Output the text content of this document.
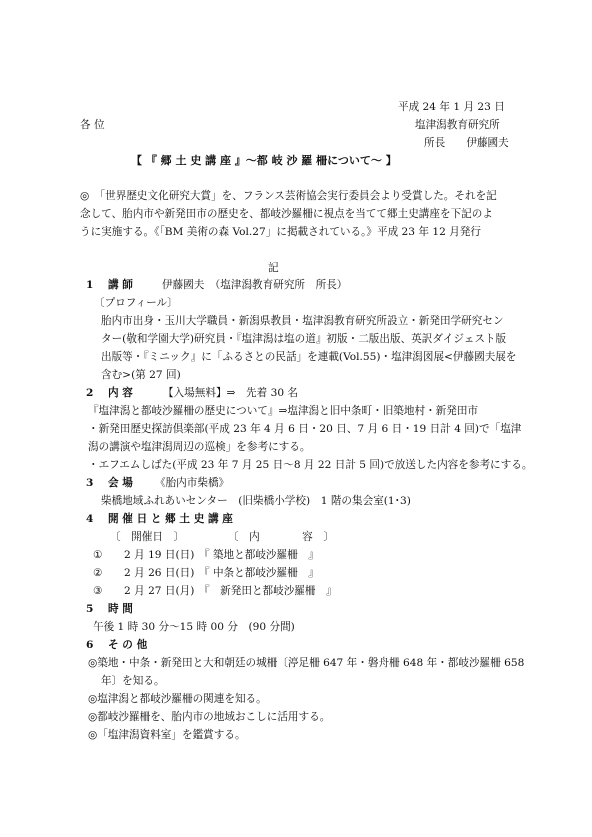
平成 24 年 1 月 23 日
各 位	塩津潟教育研究所
所長　　伊藤國夫
【 『 郷 土 史 講 座 』～都 岐 沙 羅 柵について～ 】
◎　「世界歴史文化研究大賞」を、フランス芸術協会実行委員会より受賞した。それを記
念して、胎内市や新発田市の歴史を、都岐沙羅柵に視点を当てて郷土史講座を下記のよ
うに実施する。《「BM 美術の森 Vol.27」に掲載されている。》平成 23 年 12 月発行
記
1 講 師	伊藤國夫　（塩津潟教育研究所　所長）
〔プロフィール〕
胎内市出身・玉川大学職員・新潟県教員・塩津潟教育研究所設立・新発田学研究セン
ター(敬和学園大学)研究員・『塩津潟は塩の道』初版・二版出版、英訳ダイジェスト版
出版等・『ミニック』に「ふるさとの民話」を連載(Vol.55)・塩津潟図展<伊藤國夫展を
含む>(第 27 回)
2 内 容	【入場無料】⇒　先着 30 名
『塩津潟と都岐沙羅柵の歴史について』⇒塩津潟と旧中条町・旧築地村・新発田市
・新発田歴史探訪倶楽部(平成 23 年 4 月 6 日・20 日、7 月 6 日・19 日計 4 回)で「塩津
潟の講演や塩津潟周辺の巡検」を参考にする。
・エフエムしばた(平成 23 年 7 月 25 日～8 月 22 日計 5 回)で放送した内容を参考にする。
3 会 場 《胎内市柴橋》
柴橋地域ふれあいセンター　(旧柴橋小学校)　1 階の集会室(1･3)
4 開 催 日 と 郷 土 史 講 座
〔　開催日　〕	〔　内　　　　容　〕
① 2 月 19 日(日) 『 築地と都岐沙羅柵　』
② 2 月 26 日(日) 『 中条と都岐沙羅柵　』
③ 2 月 27 日(月) 『　新発田と都岐沙羅柵　』
5 時 間
午後 1 時 30 分～15 時 00 分　(90 分間)
6 そ の 他
◎築地・中条・新発田と大和朝廷の城柵〔渟足柵 647 年・磐舟柵 648 年・都岐沙羅柵 658
年〕を知る。
◎塩津潟と都岐沙羅柵の関連を知る。
◎都岐沙羅柵を、胎内市の地域おこしに活用する。
◎「塩津潟資料室」を鑑賞する。
